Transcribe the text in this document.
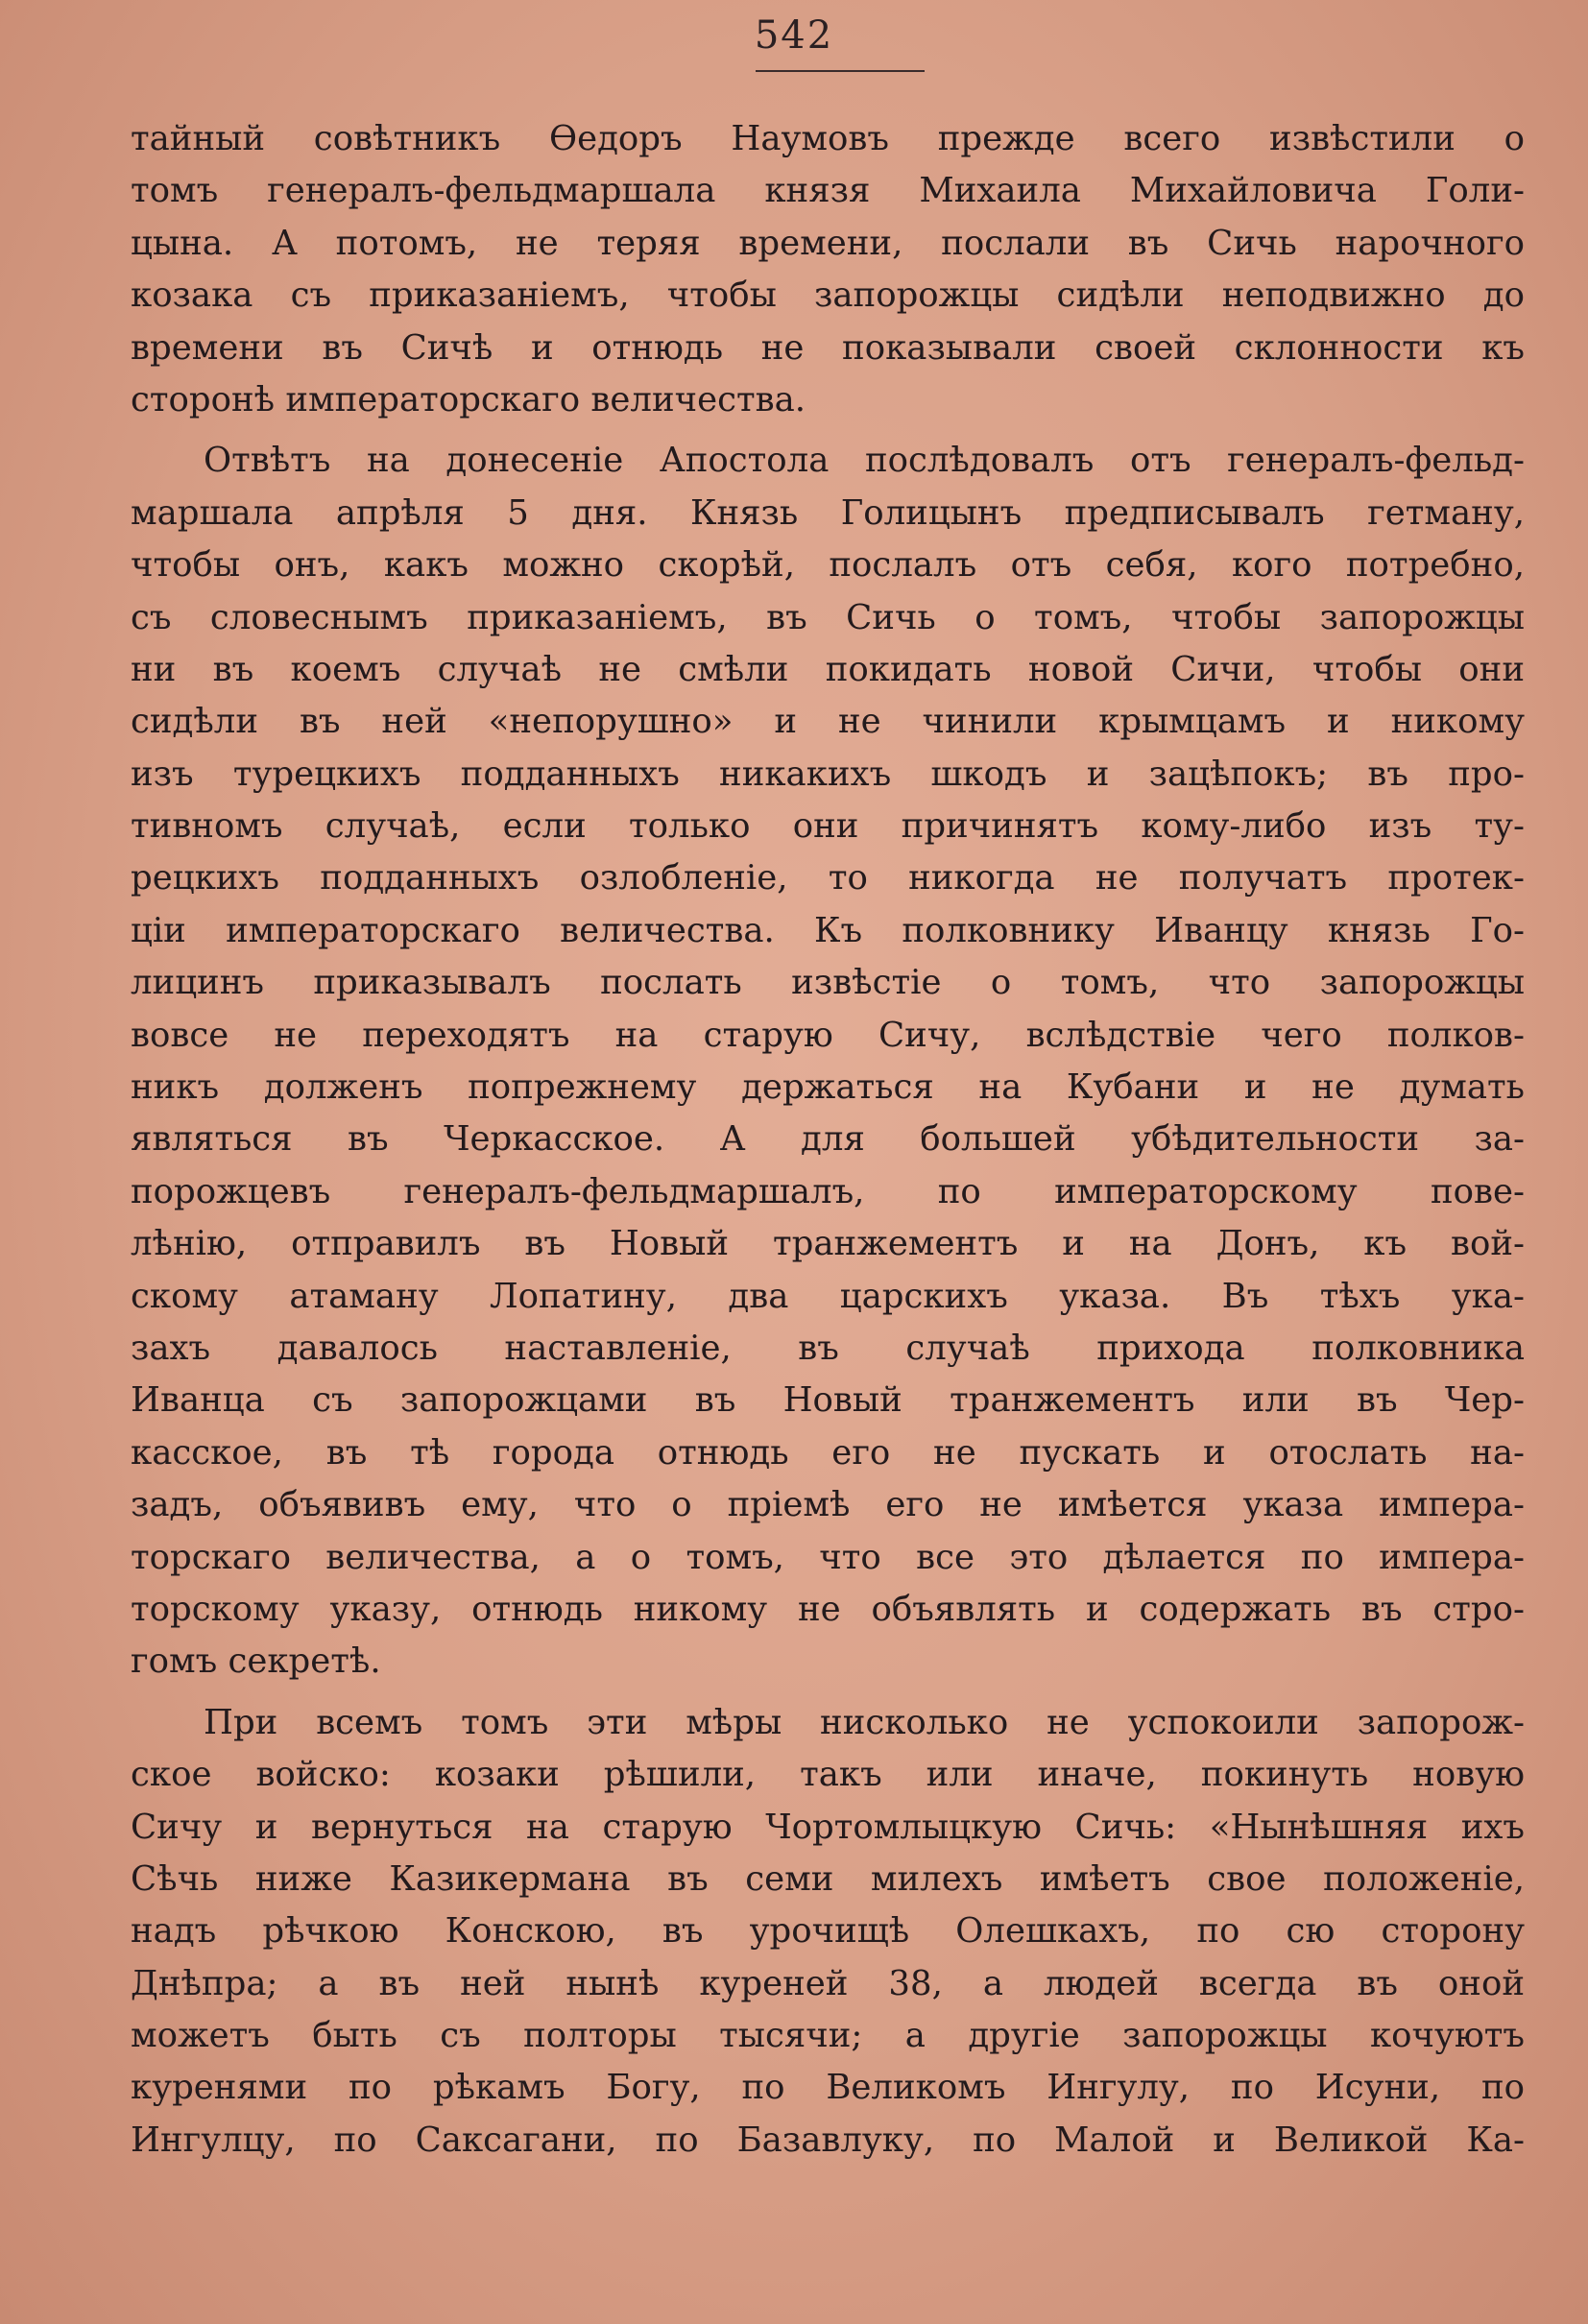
542
тайный совѣтникъ Ѳедоръ Наумовъ прежде всего извѣстили о
томъ генералъ-фельдмаршала князя Михаила Михайловича Голи-
цына. А потомъ, не теряя времени, послали въ Сичь нарочного
козака съ приказаніемъ, чтобы запорожцы сидѣли неподвижно до
времени въ Сичѣ и отнюдь не показывали своей склонности къ
сторонѣ императорскаго величества.
Отвѣтъ на донесеніе Апостола послѣдовалъ отъ генералъ-фельд-
маршала апрѣля 5 дня. Князь Голицынъ предписывалъ гетману,
чтобы онъ, какъ можно скорѣй, послалъ отъ себя, кого потребно,
съ словеснымъ приказаніемъ, въ Сичь о томъ, чтобы запорожцы
ни въ коемъ случаѣ не смѣли покидать новой Сичи, чтобы они
сидѣли въ ней «непорушно» и не чинили крымцамъ и никому
изъ турецкихъ подданныхъ никакихъ шкодъ и зацѣпокъ; въ про-
тивномъ случаѣ, если только они причинятъ кому-либо изъ ту-
рецкихъ подданныхъ озлобленіе, то никогда не получатъ протек-
ціи императорскаго величества. Къ полковнику Иванцу князь Го-
лицинъ приказывалъ послать извѣстіе о томъ, что запорожцы
вовсе не переходятъ на старую Сичу, вслѣдствіе чего полков-
никъ долженъ попрежнему держаться на Кубани и не думать
являться въ Черкасское. А для большей убѣдительности за-
порожцевъ генералъ-фельдмаршалъ, по императорскому пове-
лѣнію, отправилъ въ Новый транжементъ и на Донъ, къ вой-
скому атаману Лопатину, два царскихъ указа. Въ тѣхъ ука-
захъ давалось наставленіе, въ случаѣ прихода полковника
Иванца съ запорожцами въ Новый транжементъ или въ Чер-
касское, въ тѣ города отнюдь его не пускать и отослать на-
задъ, объявивъ ему, что о пріемѣ его не имѣется указа импера-
торскаго величества, а о томъ, что все это дѣлается по импера-
торскому указу, отнюдь никому не объявлять и содержать въ стро-
гомъ секретѣ.
При всемъ томъ эти мѣры нисколько не успокоили запорож-
ское войско: козаки рѣшили, такъ или иначе, покинуть новую
Сичу и вернуться на старую Чортомлыцкую Сичь: «Нынѣшняя ихъ
Сѣчь ниже Казикермана въ семи милехъ имѣетъ свое положеніе,
надъ рѣчкою Конскою, въ урочищѣ Олешкахъ, по сю сторону
Днѣпра; а въ ней нынѣ куреней 38, а людей всегда въ оной
можетъ быть съ полторы тысячи; а другіе запорожцы кочуютъ
куренями по рѣкамъ Богу, по Великомъ Ингулу, по Исуни, по
Ингулцу, по Саксагани, по Базавлуку, по Малой и Великой Ка-
